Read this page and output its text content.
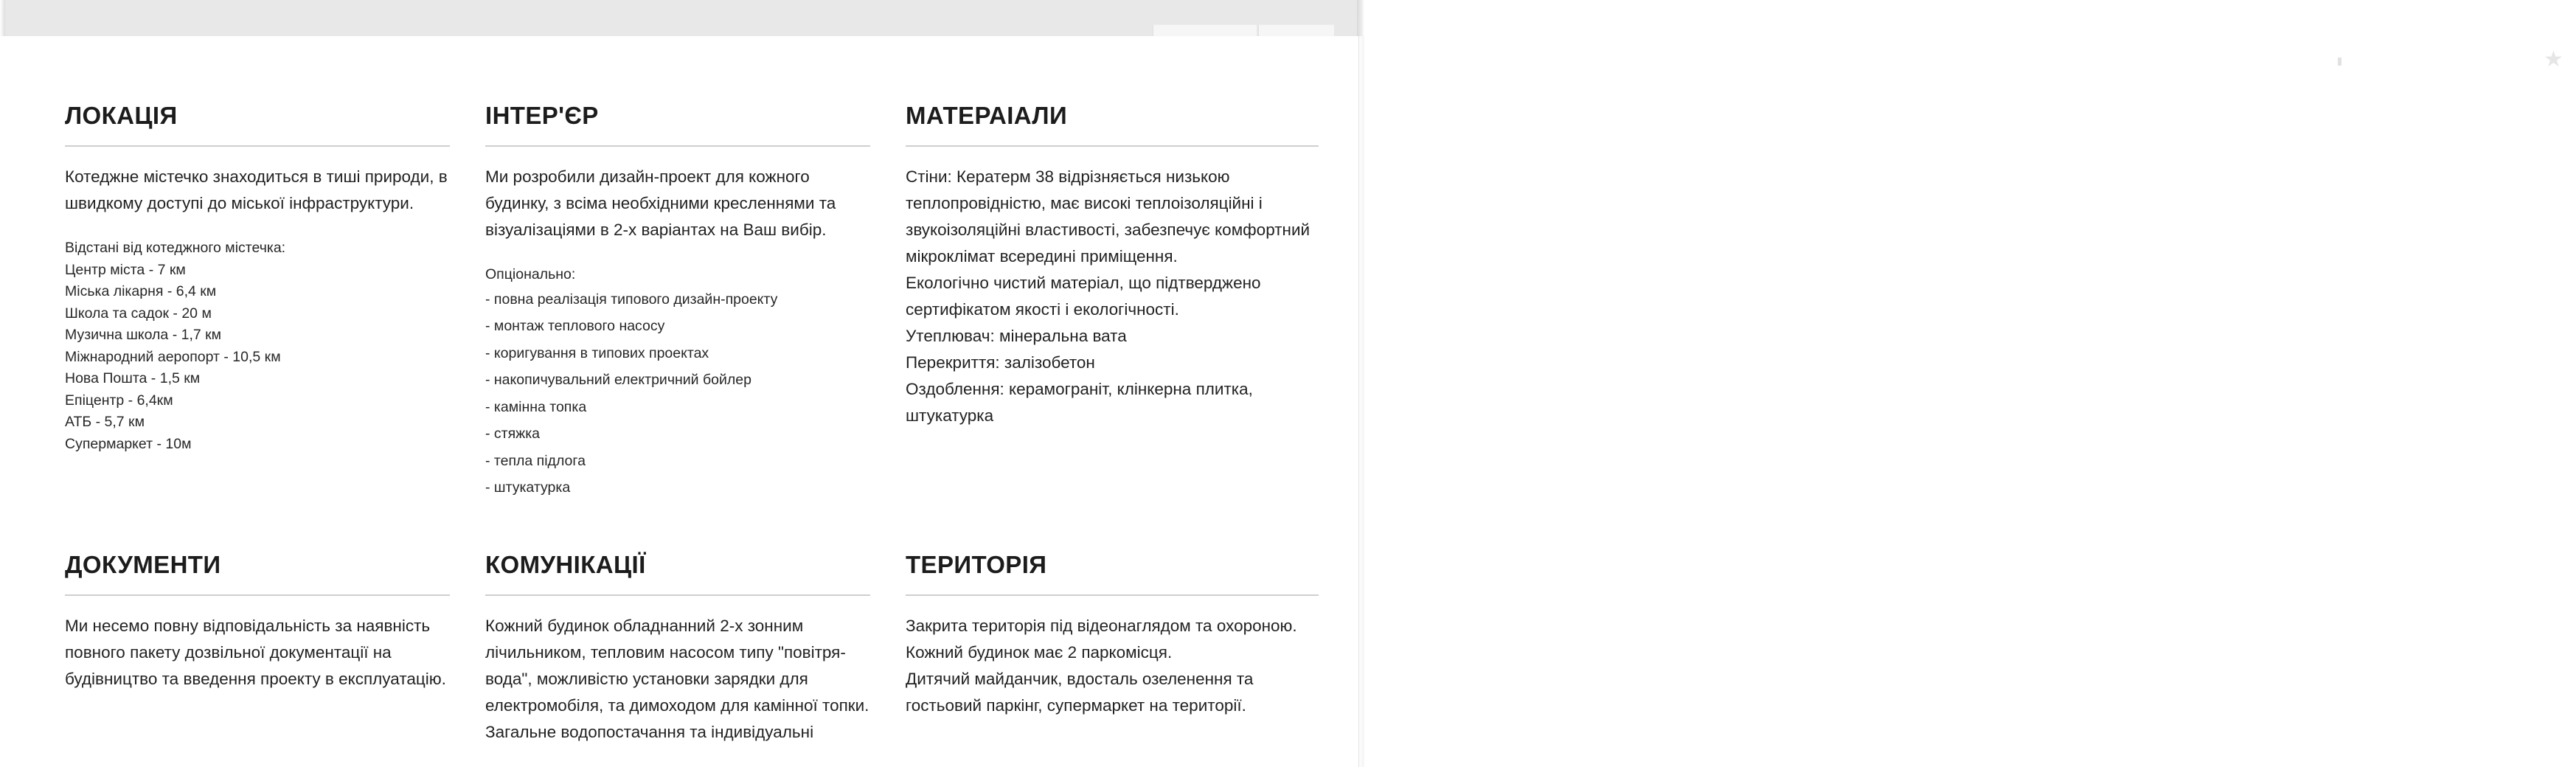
★
ЛОКАЦІЯ

Котеджне містечко знаходиться в тиші природи, в швидкому доступі до міської інфраструктури.

Відстані від котеджного містечка:

Центр міста - 7 км
Міська лікарня - 6,4 км
Школа та садок - 20 м
Музична школа - 1,7 км
Міжнародний аеропорт - 10,5 км
Нова Пошта - 1,5 км
Епіцентр - 6,4км
АТБ - 5,7 км
Супермаркет - 10м
ІНТЕР'ЄР

Ми розробили дизайн-проект для кожного будинку, з всіма необхідними кресленнями та візуалізаціями в 2-х варіантах на Ваш вибір.

Опціонально:

- повна реалізація типового дизайн-проекту
- монтаж теплового насосу
- коригування в типових проектах
- накопичувальний електричний бойлер
- камінна топка
- стяжка
- тепла підлога
- штукатурка
МАТЕРАІАЛИ
Стіни: Кератерм 38 відрізняється низькою теплопровідністю, має високі теплоізоляційні і звукоізоляційні властивості, забезпечує комфортний мікроклімат всередині приміщення.
Екологічно чистий матеріал, що підтверджено сертифікатом якості і екологічності.
Утеплювач: мінеральна вата
Перекриття: залізобетон
Оздоблення: керамограніт, клінкерна плитка, штукатурка
ДОКУМЕНТИ
Ми несемо повну відповідальність за наявність повного пакету дозвільної документації на будівництво та введення проекту в експлуатацію.
КОМУНІКАЦІЇ
Кожний будинок обладнанний 2-х зонним лічильником, тепловим насосом типу "повітря-вода", можливістю установки зарядки для електромобіля, та димоходом для камінної топки.
Загальне водопостачання та індивідуальні
ТЕРИТОРІЯ
Закрита територія під відеонаглядом та охороною. Кожний будинок має 2 паркомісця.
Дитячий майданчик, вдосталь озеленення та гостьовий паркінг, супермаркет на території.
